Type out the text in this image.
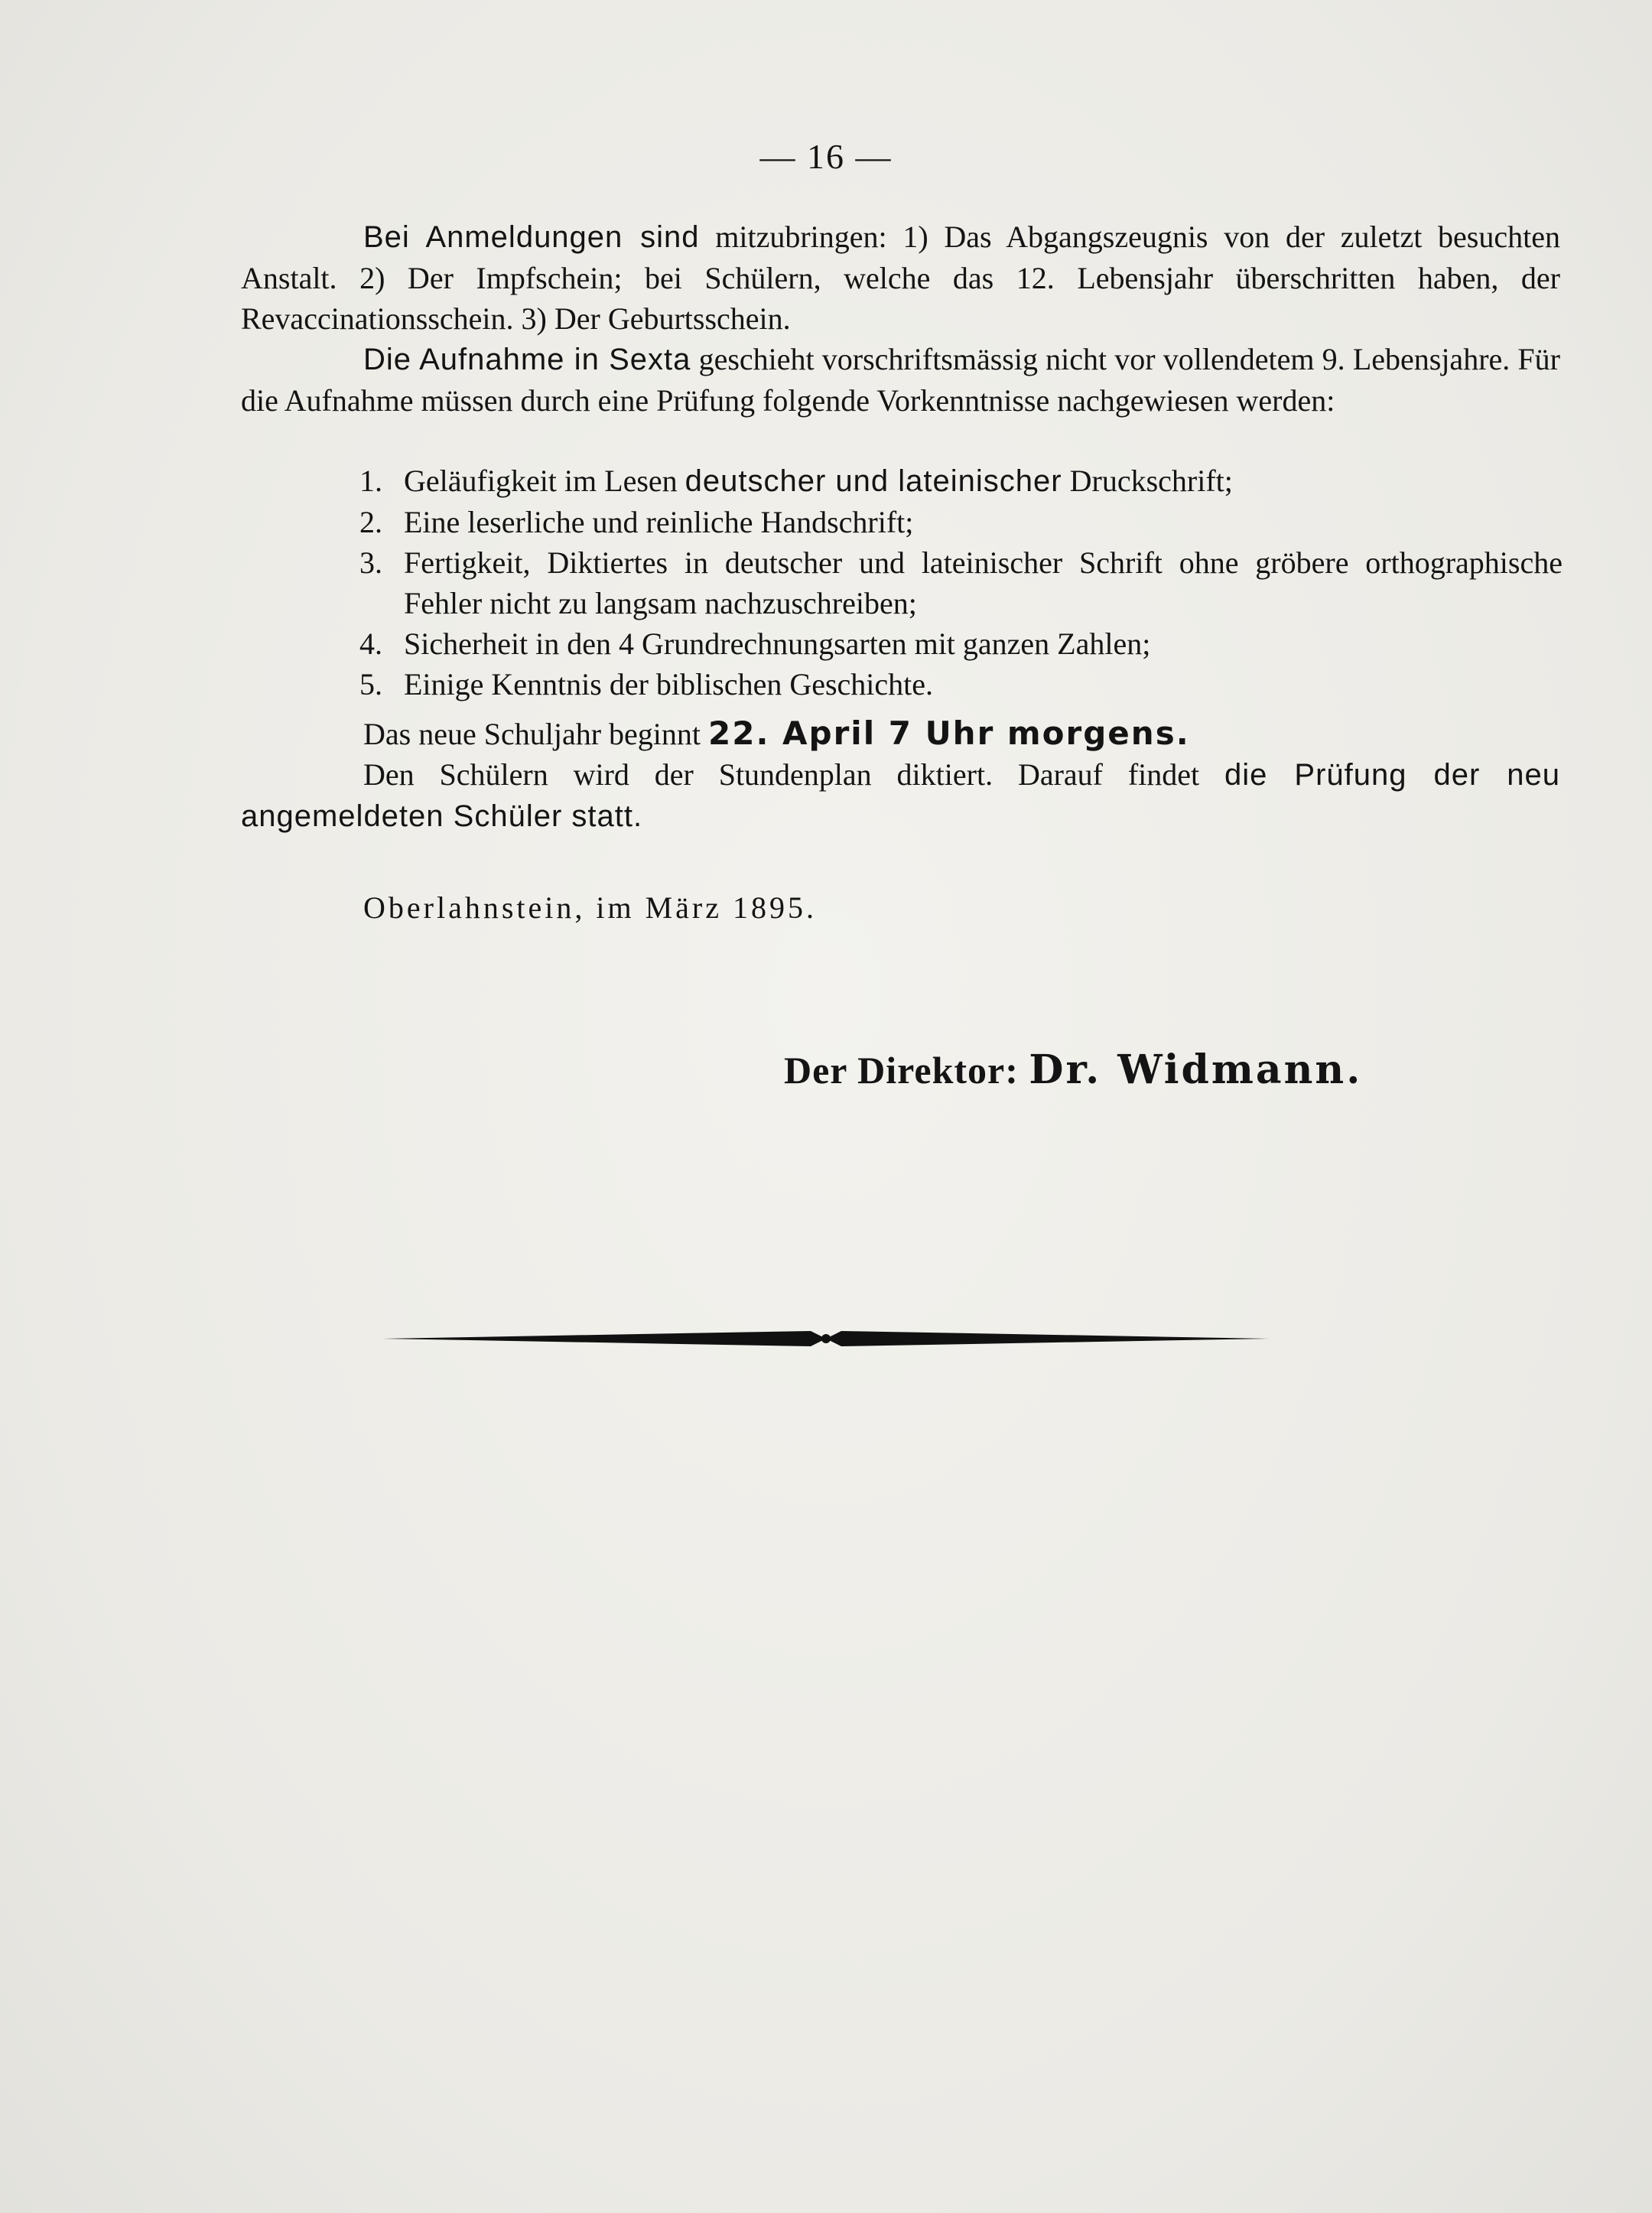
— 16 —

Bei Anmeldungen sind mitzubringen: 1) Das Abgangszeugnis von der zuletzt besuchten Anstalt. 2) Der Impfschein; bei Schülern, welche das 12. Lebensjahr überschritten haben, der Revaccinationsschein. 3) Der Geburtsschein.

Die Aufnahme in Sexta geschieht vorschriftsmässig nicht vor vollendetem 9. Lebensjahre. Für die Aufnahme müssen durch eine Prüfung folgende Vorkenntnisse nachgewiesen werden:

1. Geläufigkeit im Lesen deutscher und lateinischer Druckschrift;
2. Eine leserliche und reinliche Handschrift;
3. Fertigkeit, Diktiertes in deutscher und lateinischer Schrift ohne gröbere orthographische Fehler nicht zu langsam nachzuschreiben;
4. Sicherheit in den 4 Grundrechnungsarten mit ganzen Zahlen;
5. Einige Kenntnis der biblischen Geschichte.

Das neue Schuljahr beginnt 22. April 7 Uhr morgens.

Den Schülern wird der Stundenplan diktiert. Darauf findet die Prüfung der neu angemeldeten Schüler statt.

Oberlahnstein, im März 1895.
Der Direktor: Dr. Widmann.
